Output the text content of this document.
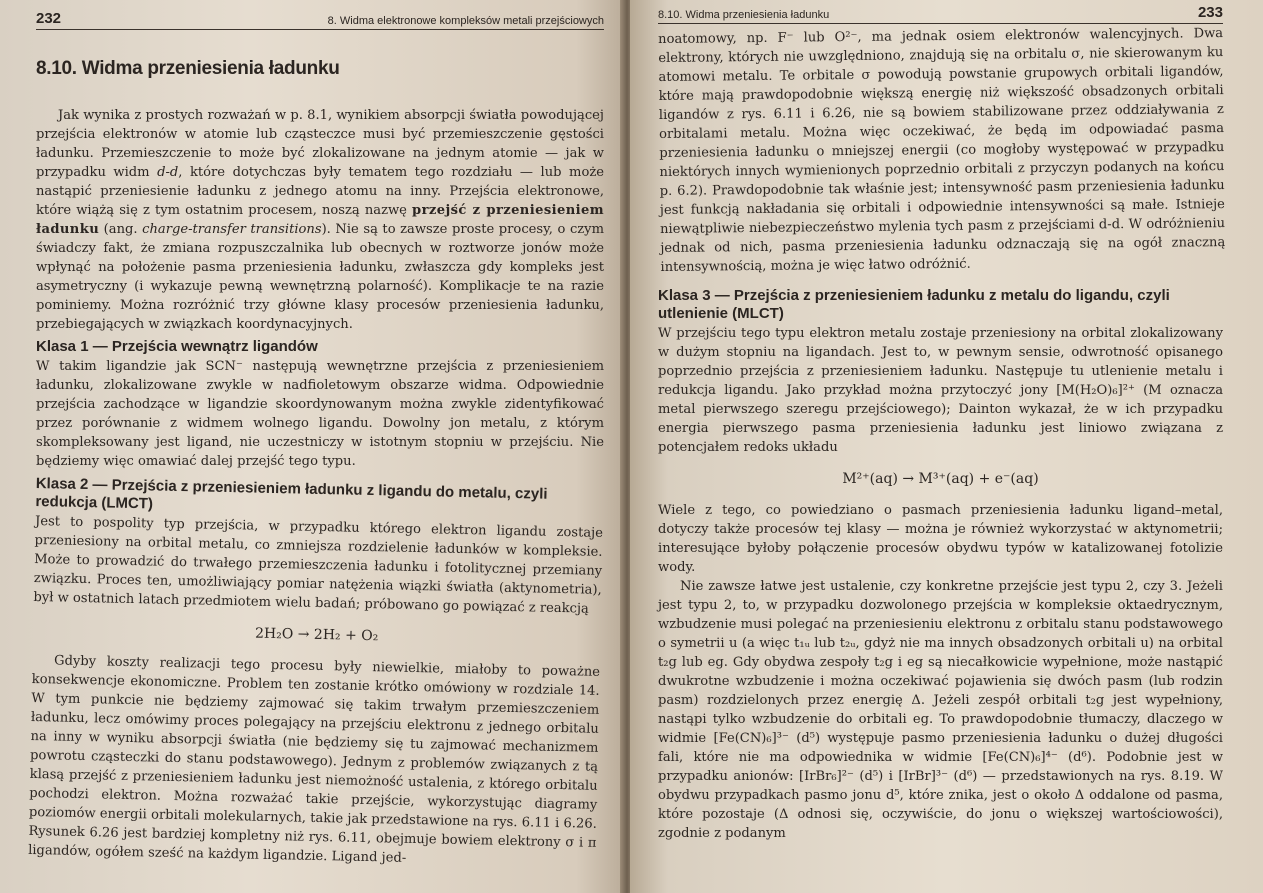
232	8. Widma elektronowe kompleksów metali przejściowych
8.10. Widma przeniesienia ładunku

Jak wynika z prostych rozważań w p. 8.1, wynikiem absorpcji światła powodującej przejścia elektronów w atomie lub cząsteczce musi być przemieszczenie gęstości ładunku. Przemieszczenie to może być zlokalizowane na jednym atomie — jak w przypadku widm d-d, które dotychczas były tematem tego rozdziału — lub może nastąpić przeniesienie ładunku z jednego atomu na inny. Przejścia elektronowe, które wiążą się z tym ostatnim procesem, noszą nazwę przejść z przeniesieniem ładunku (ang. charge-transfer transitions). Nie są to zawsze proste procesy, o czym świadczy fakt, że zmiana rozpuszczalnika lub obecnych w roztworze jonów może wpłynąć na położenie pasma przeniesienia ładunku, zwłaszcza gdy kompleks jest asymetryczny (i wykazuje pewną wewnętrzną polarność). Komplikacje te na razie pominiemy. Można rozróżnić trzy główne klasy procesów przeniesienia ładunku, przebiegających w związkach koordynacyjnych.

Klasa 1 — Przejścia wewnątrz ligandów

W takim ligandzie jak SCN⁻ następują wewnętrzne przejścia z przeniesieniem ładunku, zlokalizowane zwykle w nadfioletowym obszarze widma. Odpowiednie przejścia zachodzące w ligandzie skoordynowanym można zwykle zidentyfikować przez porównanie z widmem wolnego ligandu. Dowolny jon metalu, z którym skompleksowany jest ligand, nie uczestniczy w istotnym stopniu w przejściu. Nie będziemy więc omawiać dalej przejść tego typu.

Klasa 2 — Przejścia z przeniesieniem ładunku z ligandu do metalu, czyli redukcja (LMCT)

Jest to pospolity typ przejścia, w przypadku którego elektron ligandu zostaje przeniesiony na orbital metalu, co zmniejsza rozdzielenie ładunków w kompleksie. Może to prowadzić do trwałego przemieszczenia ładunku i fotolitycznej przemiany związku. Proces ten, umożliwiający pomiar natężenia wiązki światła (aktynometria), był w ostatnich latach przedmiotem wielu badań; próbowano go powiązać z reakcją

2H₂O → 2H₂ + O₂

Gdyby koszty realizacji tego procesu były niewielkie, miałoby to poważne konsekwencje ekonomiczne. Problem ten zostanie krótko omówiony w rozdziale 14. W tym punkcie nie będziemy zajmować się takim trwałym przemieszczeniem ładunku, lecz omówimy proces polegający na przejściu elektronu z jednego orbitalu na inny w wyniku absorpcji światła (nie będziemy się tu zajmować mechanizmem powrotu cząsteczki do stanu podstawowego). Jednym z problemów związanych z tą klasą przejść z przeniesieniem ładunku jest niemożność ustalenia, z którego orbitalu pochodzi elektron. Można rozważać takie przejście, wykorzystując diagramy poziomów energii orbitali molekularnych, takie jak przedstawione na rys. 6.11 i 6.26. Rysunek 6.26 jest bardziej kompletny niż rys. 6.11, obejmuje bowiem elektrony σ i π ligandów, ogółem sześć na każdym ligandzie. Ligand jed-

8.10. Widma przeniesienia ładunku	233

noatomowy, np. F⁻ lub O²⁻, ma jednak osiem elektronów walencyjnych. Dwa elektrony, których nie uwzględniono, znajdują się na orbitalu σ, nie skierowanym ku atomowi metalu. Te orbitale σ powodują powstanie grupowych orbitali ligandów, które mają prawdopodobnie większą energię niż większość obsadzonych orbitali ligandów z rys. 6.11 i 6.26, nie są bowiem stabilizowane przez oddziaływania z orbitalami metalu. Można więc oczekiwać, że będą im odpowiadać pasma przeniesienia ładunku o mniejszej energii (co mogłoby występować w przypadku niektórych innych wymienionych poprzednio orbitali z przyczyn podanych na końcu p. 6.2). Prawdopodobnie tak właśnie jest; intensywność pasm przeniesienia ładunku jest funkcją nakładania się orbitali i odpowiednie intensywności są małe. Istnieje niewątpliwie niebezpieczeństwo mylenia tych pasm z przejściami d-d. W odróżnieniu jednak od nich, pasma przeniesienia ładunku odznaczają się na ogół znaczną intensywnością, można je więc łatwo odróżnić.

Klasa 3 — Przejścia z przeniesieniem ładunku z metalu do ligandu, czyli utlenienie (MLCT)

W przejściu tego typu elektron metalu zostaje przeniesiony na orbital zlokalizowany w dużym stopniu na ligandach. Jest to, w pewnym sensie, odwrotność opisanego poprzednio przejścia z przeniesieniem ładunku. Następuje tu utlenienie metalu i redukcja ligandu. Jako przykład można przytoczyć jony [M(H₂O)₆]²⁺ (M oznacza metal pierwszego szeregu przejściowego); Dainton wykazał, że w ich przypadku energia pierwszego pasma przeniesienia ładunku jest liniowo związana z potencjałem redoks układu

M²⁺(aq) → M³⁺(aq) + e⁻(aq)

Wiele z tego, co powiedziano o pasmach przeniesienia ładunku ligand–metal, dotyczy także procesów tej klasy — można je również wykorzystać w aktynometrii; interesujące byłoby połączenie procesów obydwu typów w katalizowanej fotolizie wody.

Nie zawsze łatwe jest ustalenie, czy konkretne przejście jest typu 2, czy 3. Jeżeli jest typu 2, to, w przypadku dozwolonego przejścia w kompleksie oktaedrycznym, wzbudzenie musi polegać na przeniesieniu elektronu z orbitalu stanu podstawowego o symetrii u (a więc t₁ᵤ lub t₂ᵤ, gdyż nie ma innych obsadzonych orbitali u) na orbital t₂g lub eg. Gdy obydwa zespoły t₂g i eg są niecałkowicie wypełnione, może nastąpić dwukrotne wzbudzenie i można oczekiwać pojawienia się dwóch pasm (lub rodzin pasm) rozdzielonych przez energię Δ. Jeżeli zespół orbitali t₂g jest wypełniony, nastąpi tylko wzbudzenie do orbitali eg. To prawdopodobnie tłumaczy, dlaczego w widmie [Fe(CN)₆]³⁻ (d⁵) występuje pasmo przeniesienia ładunku o dużej długości fali, które nie ma odpowiednika w widmie [Fe(CN)₆]⁴⁻ (d⁶). Podobnie jest w przypadku anionów: [IrBr₆]²⁻ (d⁵) i [IrBr]³⁻ (d⁶) — przedstawionych na rys. 8.19. W obydwu przypadkach pasmo jonu d⁵, które znika, jest o około Δ oddalone od pasma, które pozostaje (Δ odnosi się, oczywiście, do jonu o większej wartościowości), zgodnie z podanym
